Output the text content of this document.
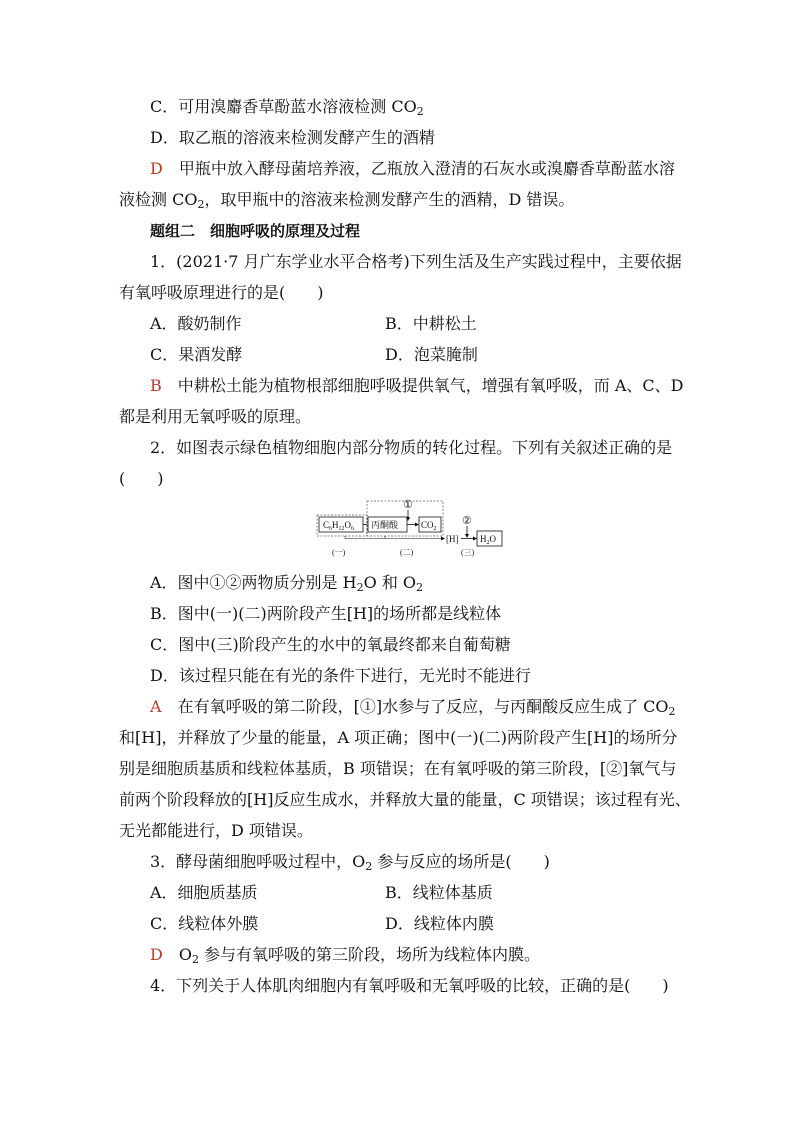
C．可用溴麝香草酚蓝水溶液检测 $CO_2$
D．取乙瓶的溶液来检测发酵产生的酒精
D　 甲瓶中放入酵母菌培养液，乙瓶放入澄清的石灰水或溴麝香草酚蓝水溶
液检测 $CO_2$，取甲瓶中的溶液来检测发酵产生的酒精，D 错误。
题组二　细胞呼吸的原理及过程
1．(2021·7 月广东学业水平合格考)下列生活及生产实践过程中，主要依据
有氧呼吸原理进行的是(　　)
A．酸奶制作	B．中耕松土
C．果酒发酵	D．泡菜腌制
B　 中耕松土能为植物根部细胞呼吸提供氧气，增强有氧呼吸，而 A、C、D
都是利用无氧呼吸的原理。
2．如图表示绿色植物细胞内部分物质的转化过程。下列有关叙述正确的是
(　　)
$C_6H_{12}O_6$ 丙酮酸
①
$CO_2$
[H]
②
$H_2O$
(一)	(二)	(三)
A．图中①②两物质分别是 $H_2O$ 和 $O_2$
B．图中(一)(二)两阶段产生[H]的场所都是线粒体
C．图中(三)阶段产生的水中的氧最终都来自葡萄糖
D．该过程只能在有光的条件下进行，无光时不能进行
A　 在有氧呼吸的第二阶段，[①]水参与了反应，与丙酮酸反应生成了 $CO_2$
和[H]，并释放了少量的能量，A 项正确；图中(一)(二)两阶段产生[H]的场所分
别是细胞质基质和线粒体基质，B 项错误；在有氧呼吸的第三阶段，[②]氧气与
前两个阶段释放的[H]反应生成水，并释放大量的能量，C 项错误；该过程有光、
无光都能进行，D 项错误。
3．酵母菌细胞呼吸过程中，$O_2$ 参与反应的场所是(　　)
A．细胞质基质	B．线粒体基质
C．线粒体外膜	D．线粒体内膜
D　 $O_2$ 参与有氧呼吸的第三阶段，场所为线粒体内膜。
4．下列关于人体肌肉细胞内有氧呼吸和无氧呼吸的比较，正确的是(　　)
